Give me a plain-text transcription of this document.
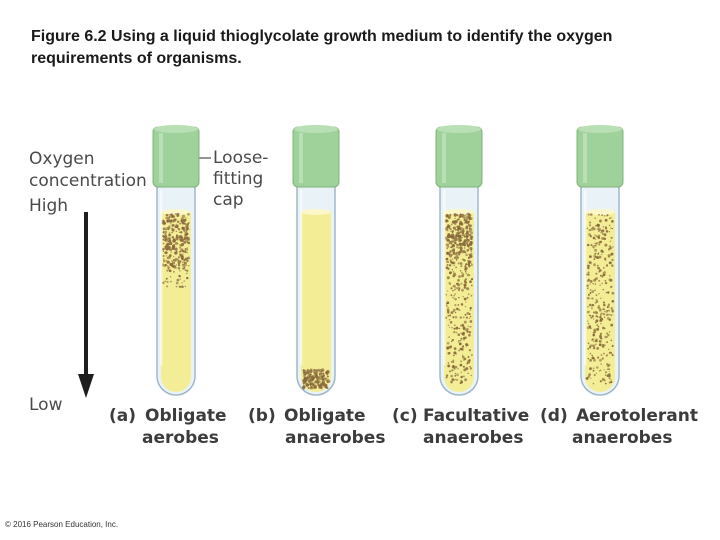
Figure 6.2 Using a liquid thioglycolate growth medium to identify the oxygen
requirements of organisms.
Oxygen
concentration
High
Low
Loose-
fitting
cap
(a) Obligate
aerobes
(b) Obligate
anaerobes
(c) Facultative
anaerobes
(d) Aerotolerant
anaerobes
© 2016 Pearson Education, Inc.
